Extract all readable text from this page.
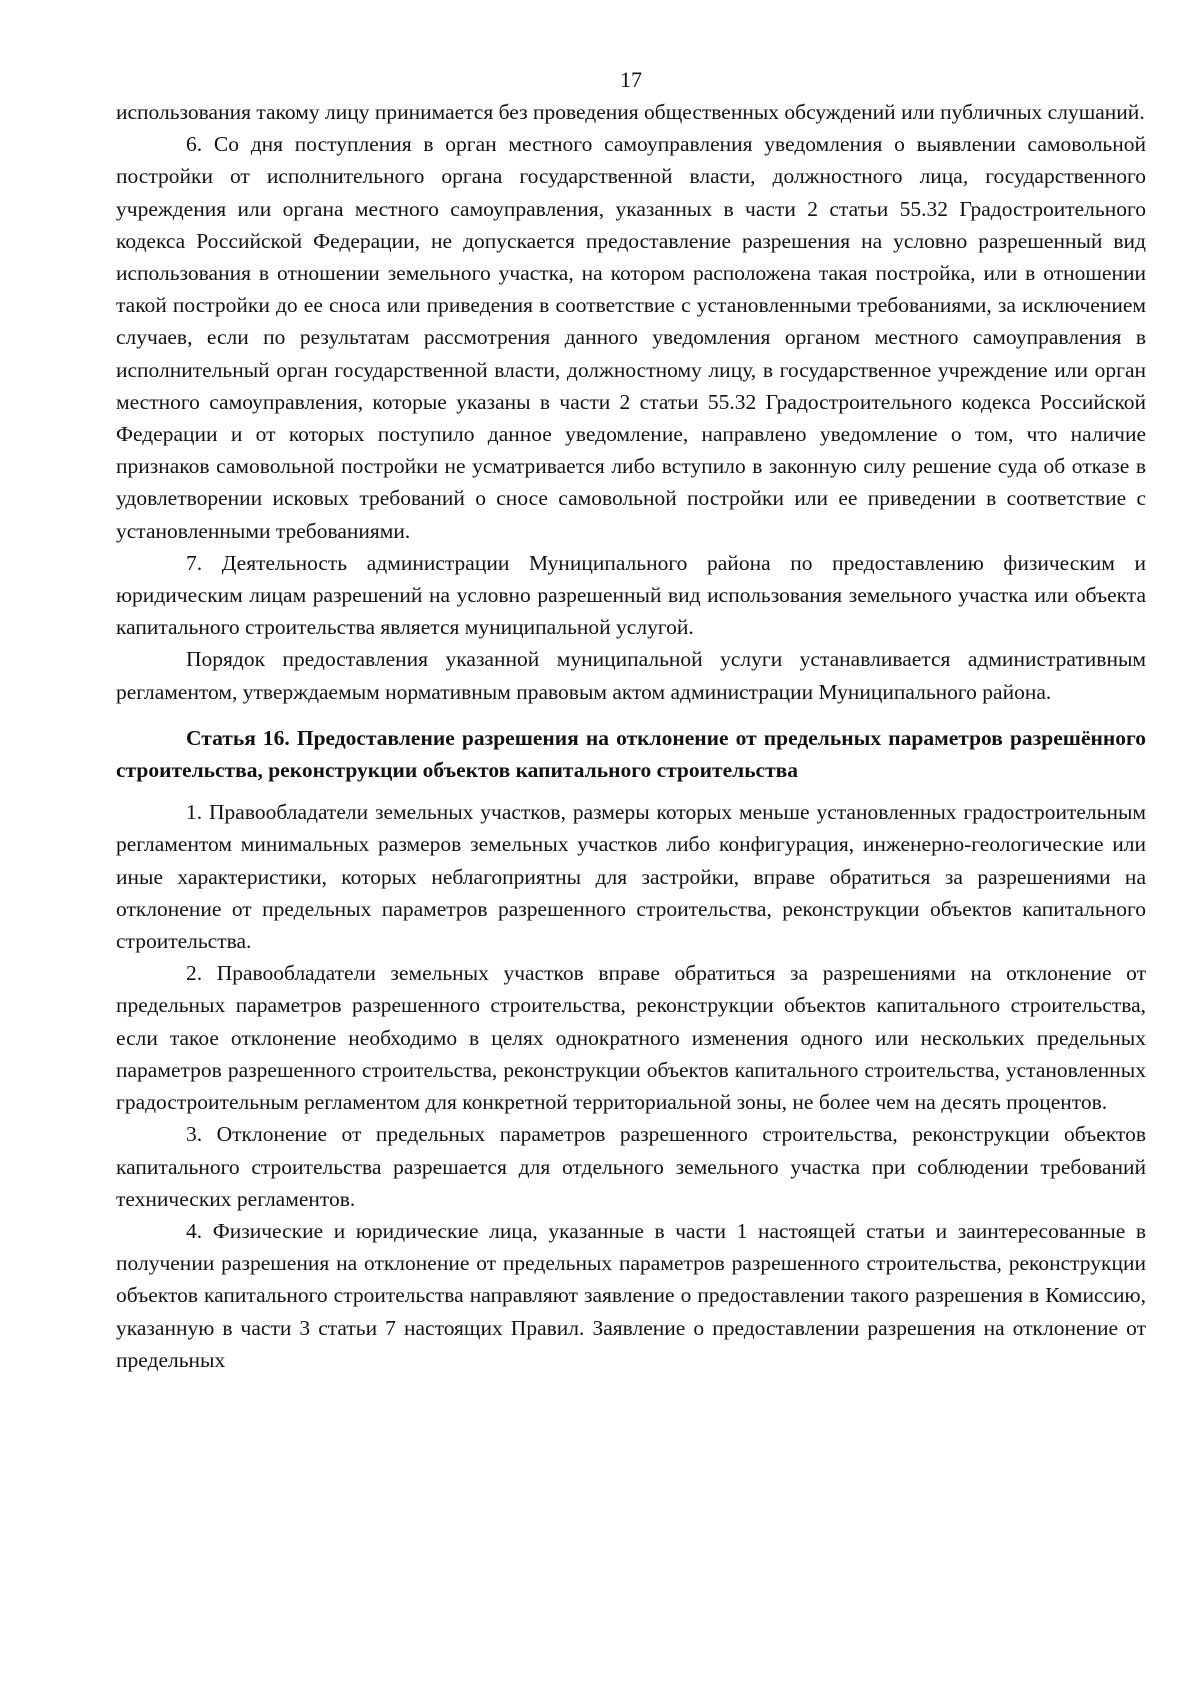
17

использования такому лицу принимается без проведения общественных обсуждений или публичных слушаний.

6. Со дня поступления в орган местного самоуправления уведомления о выявлении самовольной постройки от исполнительного органа государственной власти, должностного лица, государственного учреждения или органа местного самоуправления, указанных в части 2 статьи 55.32 Градостроительного кодекса Российской Федерации, не допускается предоставление разрешения на условно разрешенный вид использования в отношении земельного участка, на котором расположена такая постройка, или в отношении такой постройки до ее сноса или приведения в соответствие с установленными требованиями, за исключением случаев, если по результатам рассмотрения данного уведомления органом местного самоуправления в исполнительный орган государственной власти, должностному лицу, в государственное учреждение или орган местного самоуправления, которые указаны в части 2 статьи 55.32 Градостроительного кодекса Российской Федерации и от которых поступило данное уведомление, направлено уведомление о том, что наличие признаков самовольной постройки не усматривается либо вступило в законную силу решение суда об отказе в удовлетворении исковых требований о сносе самовольной постройки или ее приведении в соответствие с установленными требованиями.

7. Деятельность администрации Муниципального района по предоставлению физическим и юридическим лицам разрешений на условно разрешенный вид использования земельного участка или объекта капитального строительства является муниципальной услугой.

Порядок предоставления указанной муниципальной услуги устанавливается административным регламентом, утверждаемым нормативным правовым актом администрации Муниципального района.

Статья 16. Предоставление разрешения на отклонение от предельных параметров разрешённого строительства, реконструкции объектов капитального строительства

1. Правообладатели земельных участков, размеры которых меньше установленных градостроительным регламентом минимальных размеров земельных участков либо конфигурация, инженерно-геологические или иные характеристики, которых неблагоприятны для застройки, вправе обратиться за разрешениями на отклонение от предельных параметров разрешенного строительства, реконструкции объектов капитального строительства.

2. Правообладатели земельных участков вправе обратиться за разрешениями на отклонение от предельных параметров разрешенного строительства, реконструкции объектов капитального строительства, если такое отклонение необходимо в целях однократного изменения одного или нескольких предельных параметров разрешенного строительства, реконструкции объектов капитального строительства, установленных градостроительным регламентом для конкретной территориальной зоны, не более чем на десять процентов.

3. Отклонение от предельных параметров разрешенного строительства, реконструкции объектов капитального строительства разрешается для отдельного земельного участка при соблюдении требований технических регламентов.

4. Физические и юридические лица, указанные в части 1 настоящей статьи и заинтересованные в получении разрешения на отклонение от предельных параметров разрешенного строительства, реконструкции объектов капитального строительства направляют заявление о предоставлении такого разрешения в Комиссию, указанную в части 3 статьи 7 настоящих Правил. Заявление о предоставлении разрешения на отклонение от предельных
